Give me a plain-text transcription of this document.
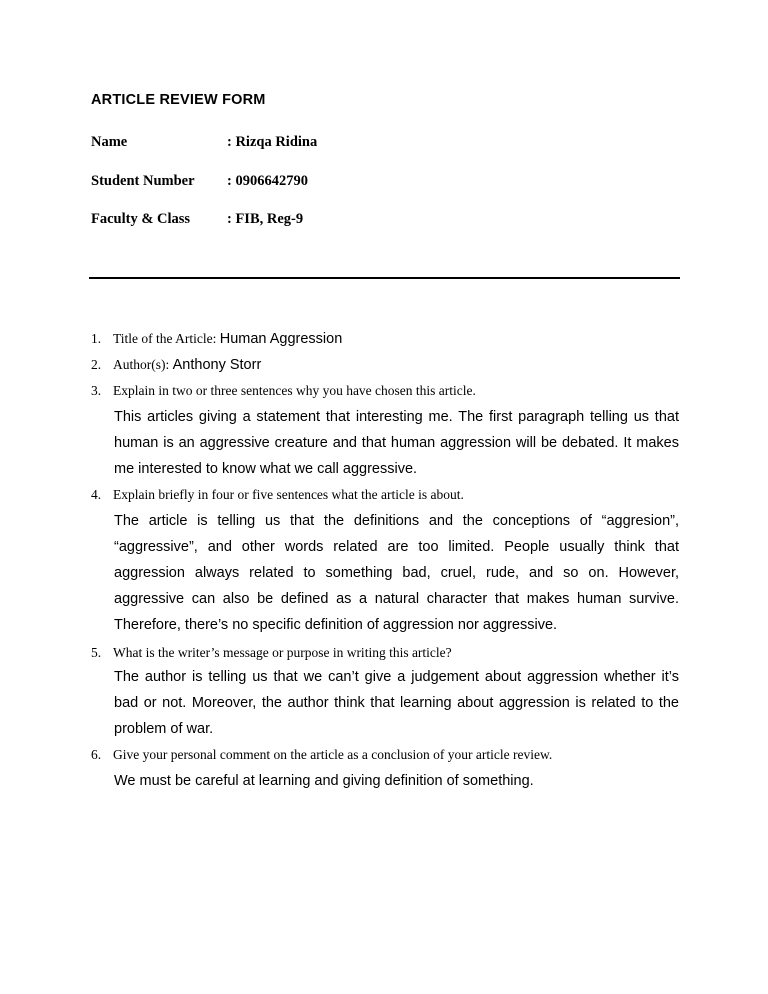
ARTICLE REVIEW FORM
Name	: Rizqa Ridina
Student Number : 0906642790
Faculty & Class	: FIB, Reg-9
1. Title of the Article: Human Aggression
2. Author(s): Anthony Storr
3. Explain in two or three sentences why you have chosen this article.
This articles giving a statement that interesting me. The first paragraph telling us that human is an aggressive creature and that human aggression will be debated. It makes me interested to know what we call aggressive.
4. Explain briefly in four or five sentences what the article is about.
The article is telling us that the definitions and the conceptions of “aggresion”, “aggressive”, and other words related are too limited. People usually think that aggression always related to something bad, cruel, rude, and so on. However, aggressive can also be defined as a natural character that makes human survive. Therefore, there’s no specific definition of aggression nor aggressive.
5. What is the writer’s message or purpose in writing this article?
The author is telling us that we can’t give a judgement about aggression whether it’s bad or not. Moreover, the author think that learning about aggression is related to the problem of war.
6. Give your personal comment on the article as a conclusion of your article review.
We must be careful at learning and giving definition of something.
